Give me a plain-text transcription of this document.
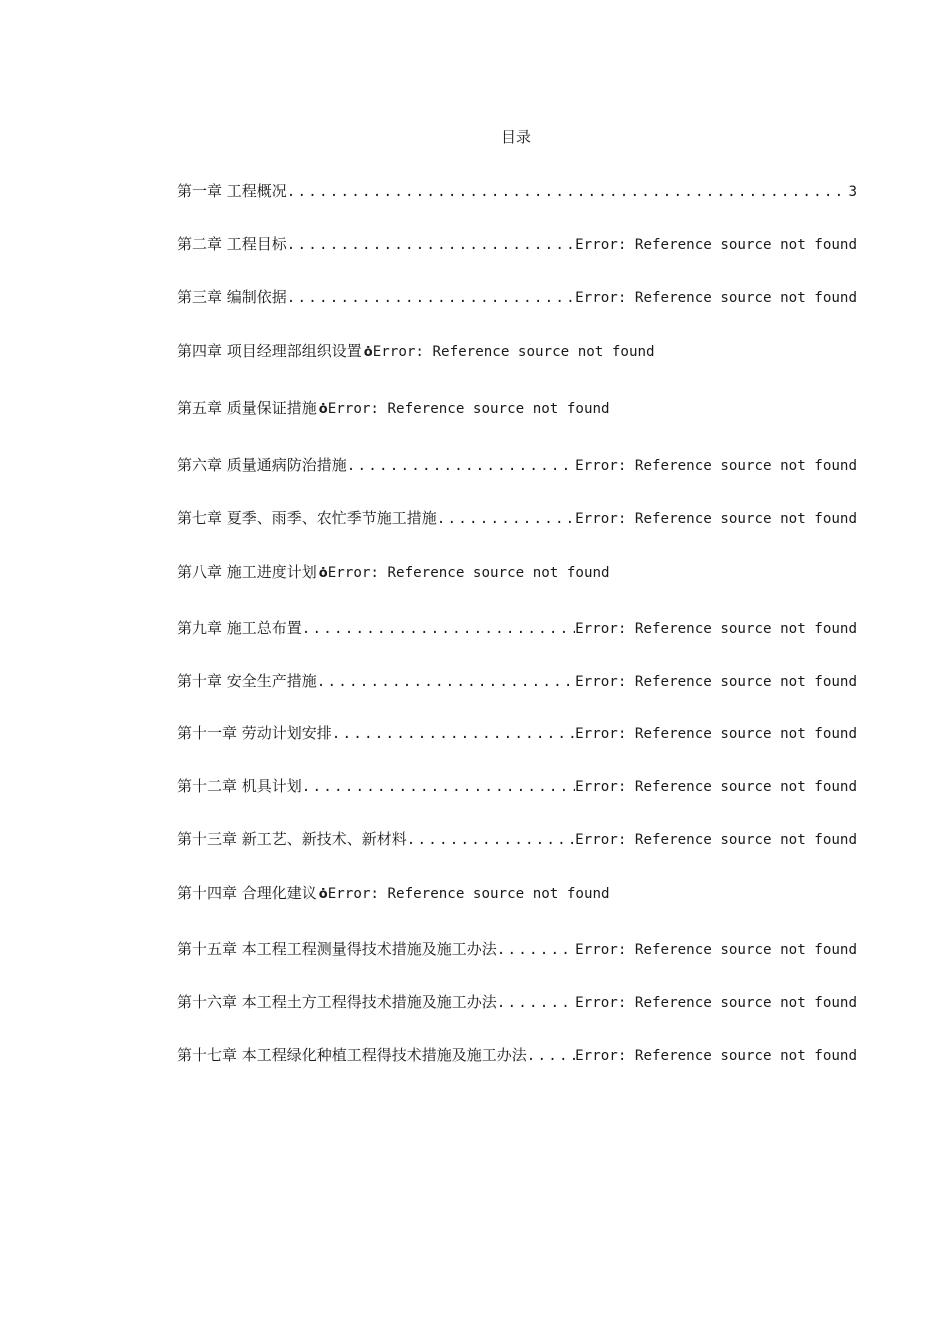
目录
第一章 工程概况 .....	3
第二章 工程目标 .....	Error: Reference source not found
第三章 编制依据 .....	Error: Reference source not found
第四章 项目经理部组织设置 ȯError: Reference source not found
第五章 质量保证措施 ȯError: Reference source not found
第六章 质量通病防治措施 .....	Error: Reference source not found
第七章 夏季、雨季、农忙季节施工措施 .....	Error: Reference source not found
第八章 施工进度计划 ȯError: Reference source not found
第九章 施工总布置 .....	Error: Reference source not found
第十章 安全生产措施 .....	Error: Reference source not found
第十一章 劳动计划安排 .....	Error: Reference source not found
第十二章 机具计划 .....	Error: Reference source not found
第十三章 新工艺、新技术、新材料 .....	Error: Reference source not found
第十四章 合理化建议 ȯError: Reference source not found
第十五章 本工程工程测量得技术措施及施工办法 .....	Error: Reference source not found
第十六章 本工程土方工程得技术措施及施工办法 .....	Error: Reference source not found
第十七章 本工程绿化种植工程得技术措施及施工办法 .....	Error: Reference source not found
